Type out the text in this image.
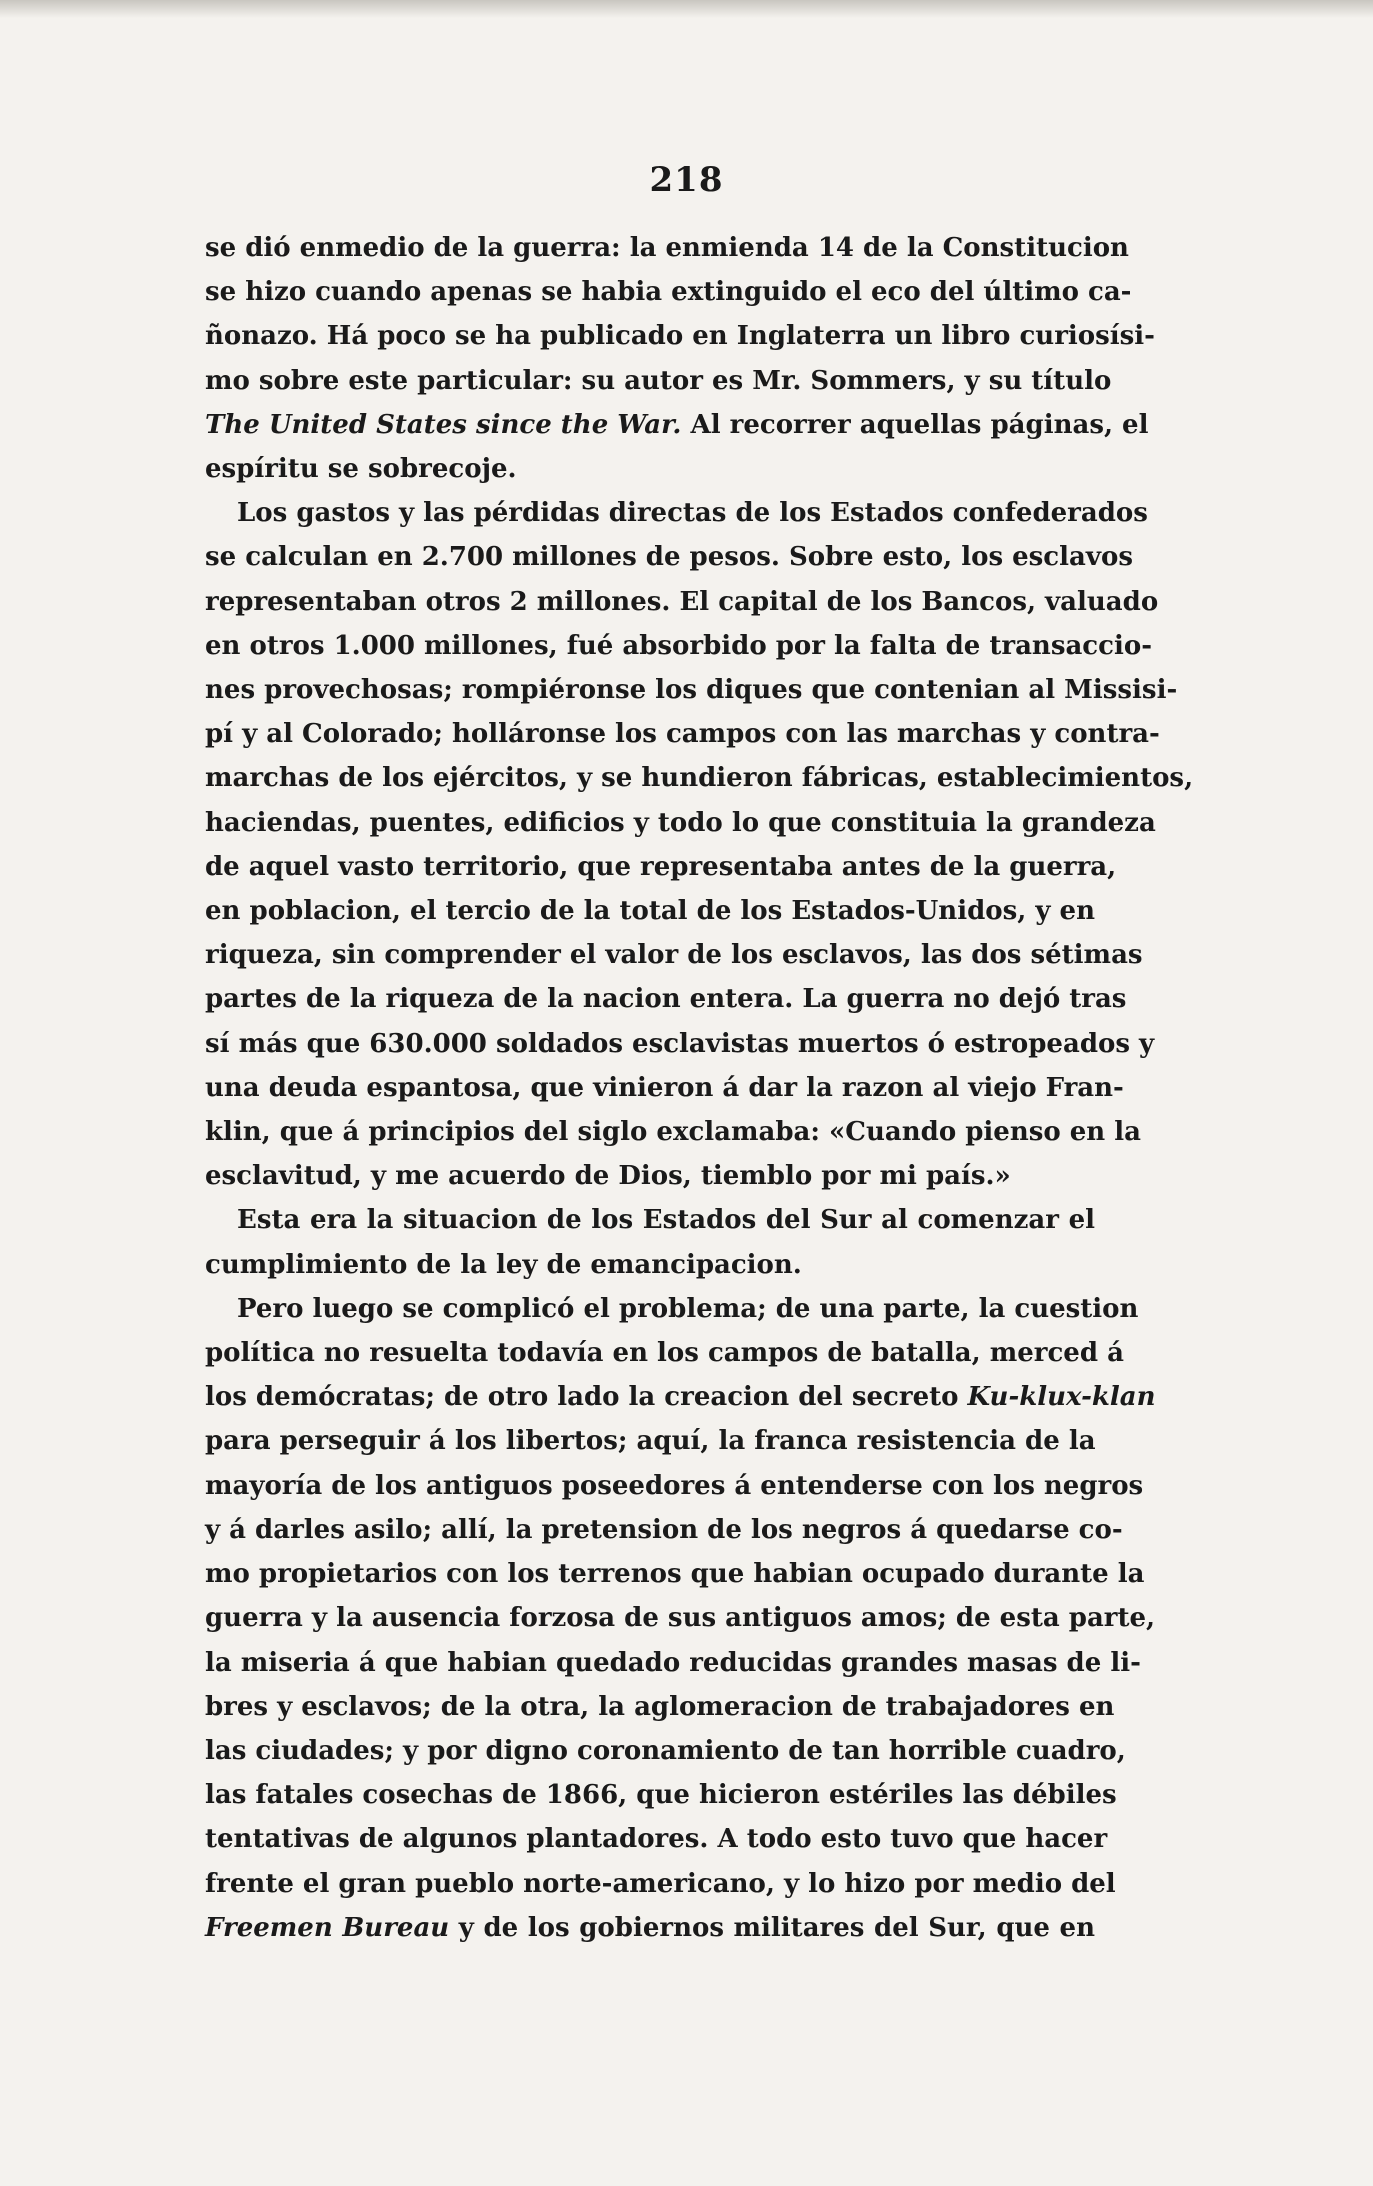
218
se dió enmedio de la guerra: la enmienda 14 de la Constitucion
se hizo cuando apenas se habia extinguido el eco del último ca-
ñonazo. Há poco se ha publicado en Inglaterra un libro curiosísi-
mo sobre este particular: su autor es Mr. Sommers, y su título
The United States since the War. Al recorrer aquellas páginas, el
espíritu se sobrecoje.
Los gastos y las pérdidas directas de los Estados confederados
se calculan en 2.700 millones de pesos. Sobre esto, los esclavos
representaban otros 2 millones. El capital de los Bancos, valuado
en otros 1.000 millones, fué absorbido por la falta de transaccio-
nes provechosas; rompiéronse los diques que contenian al Missisi-
pí y al Colorado; holláronse los campos con las marchas y contra-
marchas de los ejércitos, y se hundieron fábricas, establecimientos,
haciendas, puentes, edificios y todo lo que constituia la grandeza
de aquel vasto territorio, que representaba antes de la guerra,
en poblacion, el tercio de la total de los Estados-Unidos, y en
riqueza, sin comprender el valor de los esclavos, las dos sétimas
partes de la riqueza de la nacion entera. La guerra no dejó tras
sí más que 630.000 soldados esclavistas muertos ó estropeados y
una deuda espantosa, que vinieron á dar la razon al viejo Fran-
klin, que á principios del siglo exclamaba: «Cuando pienso en la
esclavitud, y me acuerdo de Dios, tiemblo por mi país.»
Esta era la situacion de los Estados del Sur al comenzar el
cumplimiento de la ley de emancipacion.
Pero luego se complicó el problema; de una parte, la cuestion
política no resuelta todavía en los campos de batalla, merced á
los demócratas; de otro lado la creacion del secreto Ku-klux-klan
para perseguir á los libertos; aquí, la franca resistencia de la
mayoría de los antiguos poseedores á entenderse con los negros
y á darles asilo; allí, la pretension de los negros á quedarse co-
mo propietarios con los terrenos que habian ocupado durante la
guerra y la ausencia forzosa de sus antiguos amos; de esta parte,
la miseria á que habian quedado reducidas grandes masas de li-
bres y esclavos; de la otra, la aglomeracion de trabajadores en
las ciudades; y por digno coronamiento de tan horrible cuadro,
las fatales cosechas de 1866, que hicieron estériles las débiles
tentativas de algunos plantadores. A todo esto tuvo que hacer
frente el gran pueblo norte-americano, y lo hizo por medio del
Freemen Bureau y de los gobiernos militares del Sur, que en
